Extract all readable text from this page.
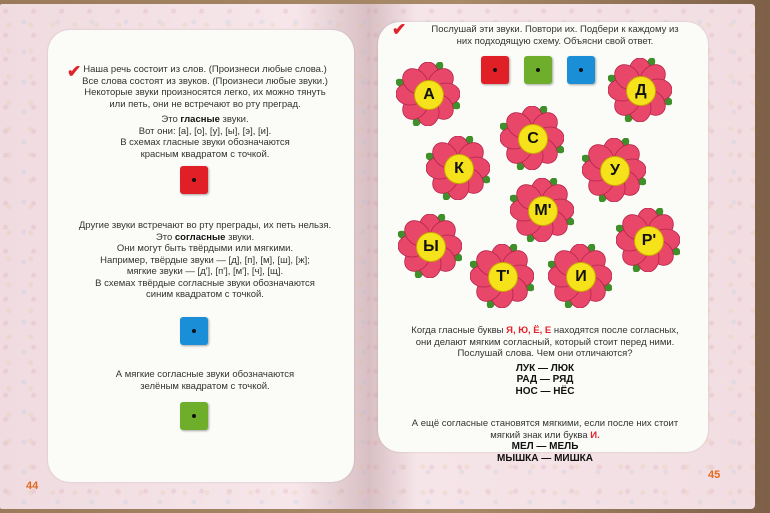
✔ Наша речь состоит из слов. (Произнеси любые слова.)
Все слова состоят из звуков. (Произнеси любые звуки.)
Некоторые звуки произносятся легко, их можно тянуть
или петь, они не встречают во рту преград.
Это гласные звуки.
Вот они: [а], [о], [у], [ы], [э], [и].
В схемах гласные звуки обозначаются
красным квадратом с точкой.
Другие звуки встречают во рту преграды, их петь нельзя.
Это согласные звуки.
Они могут быть твёрдыми или мягкими.
Например, твёрдые звуки — [д], [п], [м], [ш], [ж];
мягкие звуки — [д'], [п'], [м'], [ч], [щ].
В схемах твёрдые согласные звуки обозначаются
синим квадратом с точкой.
А мягкие согласные звуки обозначаются
зелёным квадратом с точкой.
44
45
✔	Послушай эти звуки. Повтори их. Подбери к каждому из
них подходящую схему. Объясни свой ответ.
А	Д
С
К	У
М'
Ы	Р'
Т'	И
Когда гласные буквы Я, Ю, Ё, Е находятся после согласных,
они делают мягким согласный, который стоит перед ними.
Послушай слова. Чем они отличаются?
ЛУК — ЛЮК
РАД — РЯД
НОС — НЁС
А ещё согласные становятся мягкими, если после них стоит
мягкий знак или буква И.
МЕЛ — МЕЛЬ
МЫШКА — МИШКА
